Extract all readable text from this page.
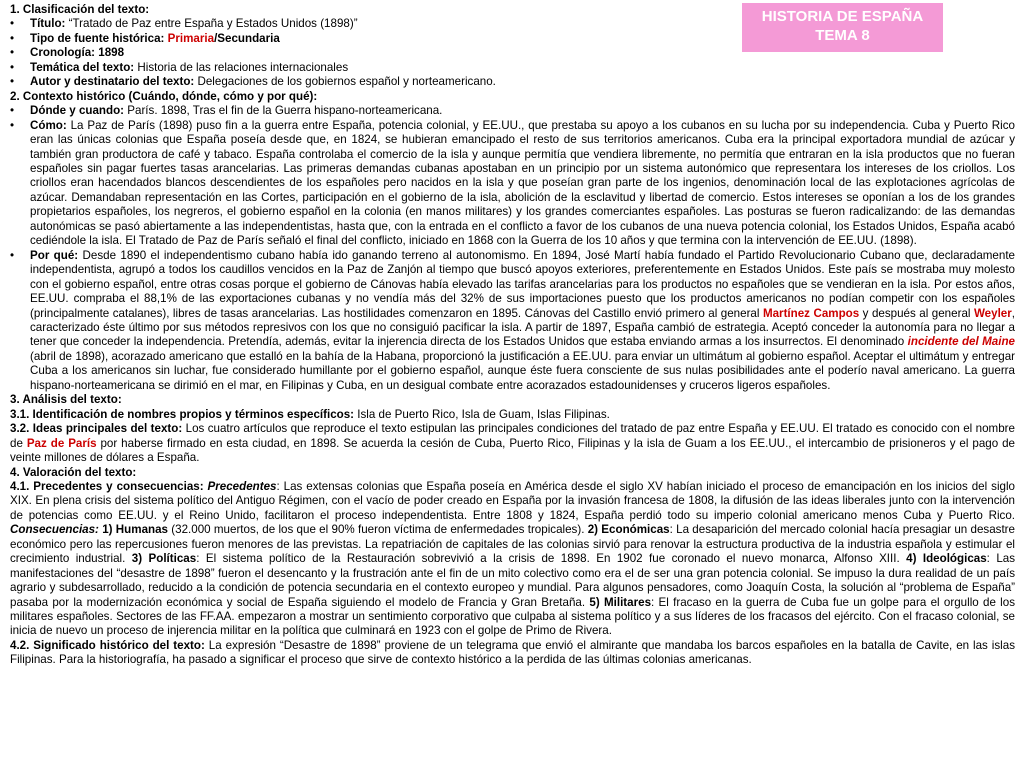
HISTORIA DE ESPAÑA
TEMA 8
1. Clasificación del texto:
• Título: “Tratado de Paz entre España y Estados Unidos (1898)”
• Tipo de fuente histórica: Primaria/Secundaria
• Cronología: 1898
• Temática del texto: Historia de las relaciones internacionales
• Autor y destinatario del texto: Delegaciones de los gobiernos español y norteamericano.
2. Contexto histórico (Cuándo, dónde, cómo y por qué):
• Dónde y cuando: París. 1898, Tras el fin de la Guerra hispano-norteamericana.
• Cómo: La Paz de París (1898) puso fin a la guerra entre España, potencia colonial, y EE.UU., que prestaba su apoyo a los cubanos en su lucha por su independencia. Cuba y Puerto Rico eran las únicas colonias que España poseía desde que, en 1824, se hubieran emancipado el resto de sus territorios americanos. Cuba era la principal exportadora mundial de azúcar y también gran productora de café y tabaco. España controlaba el comercio de la isla y aunque permitía que vendiera libremente, no permitía que entraran en la isla productos que no fueran españoles sin pagar fuertes tasas arancelarias. Las primeras demandas cubanas apostaban en un principio por un sistema autonómico que representara los intereses de los criollos. Los criollos eran hacendados blancos descendientes de los españoles pero nacidos en la isla y que poseían gran parte de los ingenios, denominación local de las explotaciones agrícolas de azúcar. Demandaban representación en las Cortes, participación en el gobierno de la isla, abolición de la esclavitud y libertad de comercio. Estos intereses se oponían a los de los grandes propietarios españoles, los negreros, el gobierno español en la colonia (en manos militares) y los grandes comerciantes españoles. Las posturas se fueron radicalizando: de las demandas autonómicas se pasó abiertamente a las independentistas, hasta que, con la entrada en el conflicto a favor de los cubanos de una nueva potencia colonial, los Estados Unidos, España acabó cediéndole la isla. El Tratado de Paz de París señaló el final del conflicto, iniciado en 1868 con la Guerra de los 10 años y que termina con la intervención de EE.UU. (1898).
• Por qué: Desde 1890 el independentismo cubano había ido ganando terreno al autonomismo. En 1894, José Martí había fundado el Partido Revolucionario Cubano que, declaradamente independentista, agrupó a todos los caudillos vencidos en la Paz de Zanjón al tiempo que buscó apoyos exteriores, preferentemente en Estados Unidos. Este país se mostraba muy molesto con el gobierno español, entre otras cosas porque el gobierno de Cánovas había elevado las tarifas arancelarias para los productos no españoles que se vendieran en la isla. Por estos años, EE.UU. compraba el 88,1% de las exportaciones cubanas y no vendía más del 32% de sus importaciones puesto que los productos americanos no podían competir con los españoles (principalmente catalanes), libres de tasas arancelarias. Las hostilidades comenzaron en 1895. Cánovas del Castillo envió primero al general Martínez Campos y después al general Weyler, caracterizado éste último por sus métodos represivos con los que no consiguió pacificar la isla. A partir de 1897, España cambió de estrategia. Aceptó conceder la autonomía para no llegar a tener que conceder la independencia. Pretendía, además, evitar la injerencia directa de los Estados Unidos que estaba enviando armas a los insurrectos. El denominado incidente del Maine (abril de 1898), acorazado americano que estalló en la bahía de la Habana, proporcionó la justificación a EE.UU. para enviar un ultimátum al gobierno español. Aceptar el ultimátum y entregar Cuba a los americanos sin luchar, fue considerado humillante por el gobierno español, aunque éste fuera consciente de sus nulas posibilidades ante el poderío naval americano. La guerra hispano-norteamericana se dirimió en el mar, en Filipinas y Cuba, en un desigual combate entre acorazados estadounidenses y cruceros ligeros españoles.
3. Análisis del texto:
3.1. Identificación de nombres propios y términos específicos: Isla de Puerto Rico, Isla de Guam, Islas Filipinas.
3.2. Ideas principales del texto: Los cuatro artículos que reproduce el texto estipulan las principales condiciones del tratado de paz entre España y EE.UU. El tratado es conocido con el nombre de Paz de París por haberse firmado en esta ciudad, en 1898. Se acuerda la cesión de Cuba, Puerto Rico, Filipinas y la isla de Guam a los EE.UU., el intercambio de prisioneros y el pago de veinte millones de dólares a España.
4. Valoración del texto:
4.1. Precedentes y consecuencias: Precedentes: Las extensas colonias que España poseía en América desde el siglo XV habían iniciado el proceso de emancipación en los inicios del siglo XIX. En plena crisis del sistema político del Antiguo Régimen, con el vacío de poder creado en España por la invasión francesa de 1808, la difusión de las ideas liberales junto con la intervención de potencias como EE.UU. y el Reino Unido, facilitaron el proceso independentista. Entre 1808 y 1824, España perdió todo su imperio colonial americano menos Cuba y Puerto Rico. Consecuencias: 1) Humanas (32.000 muertos, de los que el 90% fueron víctima de enfermedades tropicales). 2) Económicas: La desaparición del mercado colonial hacía presagiar un desastre económico pero las repercusiones fueron menores de las previstas. La repatriación de capitales de las colonias sirvió para renovar la estructura productiva de la industria española y estimular el crecimiento industrial. 3) Políticas: El sistema político de la Restauración sobrevivió a la crisis de 1898. En 1902 fue coronado el nuevo monarca, Alfonso XIII. 4) Ideológicas: Las manifestaciones del “desastre de 1898” fueron el desencanto y la frustración ante el fin de un mito colectivo como era el de ser una gran potencia colonial. Se impuso la dura realidad de un país agrario y subdesarrollado, reducido a la condición de potencia secundaria en el contexto europeo y mundial. Para algunos pensadores, como Joaquín Costa, la solución al “problema de España” pasaba por la modernización económica y social de España siguiendo el modelo de Francia y Gran Bretaña. 5) Militares: El fracaso en la guerra de Cuba fue un golpe para el orgullo de los militares españoles. Sectores de las FF.AA. empezaron a mostrar un sentimiento corporativo que culpaba al sistema político y a sus líderes de los fracasos del ejército. Con el fracaso colonial, se inicia de nuevo un proceso de injerencia militar en la política que culminará en 1923 con el golpe de Primo de Rivera.
4.2. Significado histórico del texto: La expresión “Desastre de 1898” proviene de un telegrama que envió el almirante que mandaba los barcos españoles en la batalla de Cavite, en las islas Filipinas. Para la historiografía, ha pasado a significar el proceso que sirve de contexto histórico a la perdida de las últimas colonias americanas.
